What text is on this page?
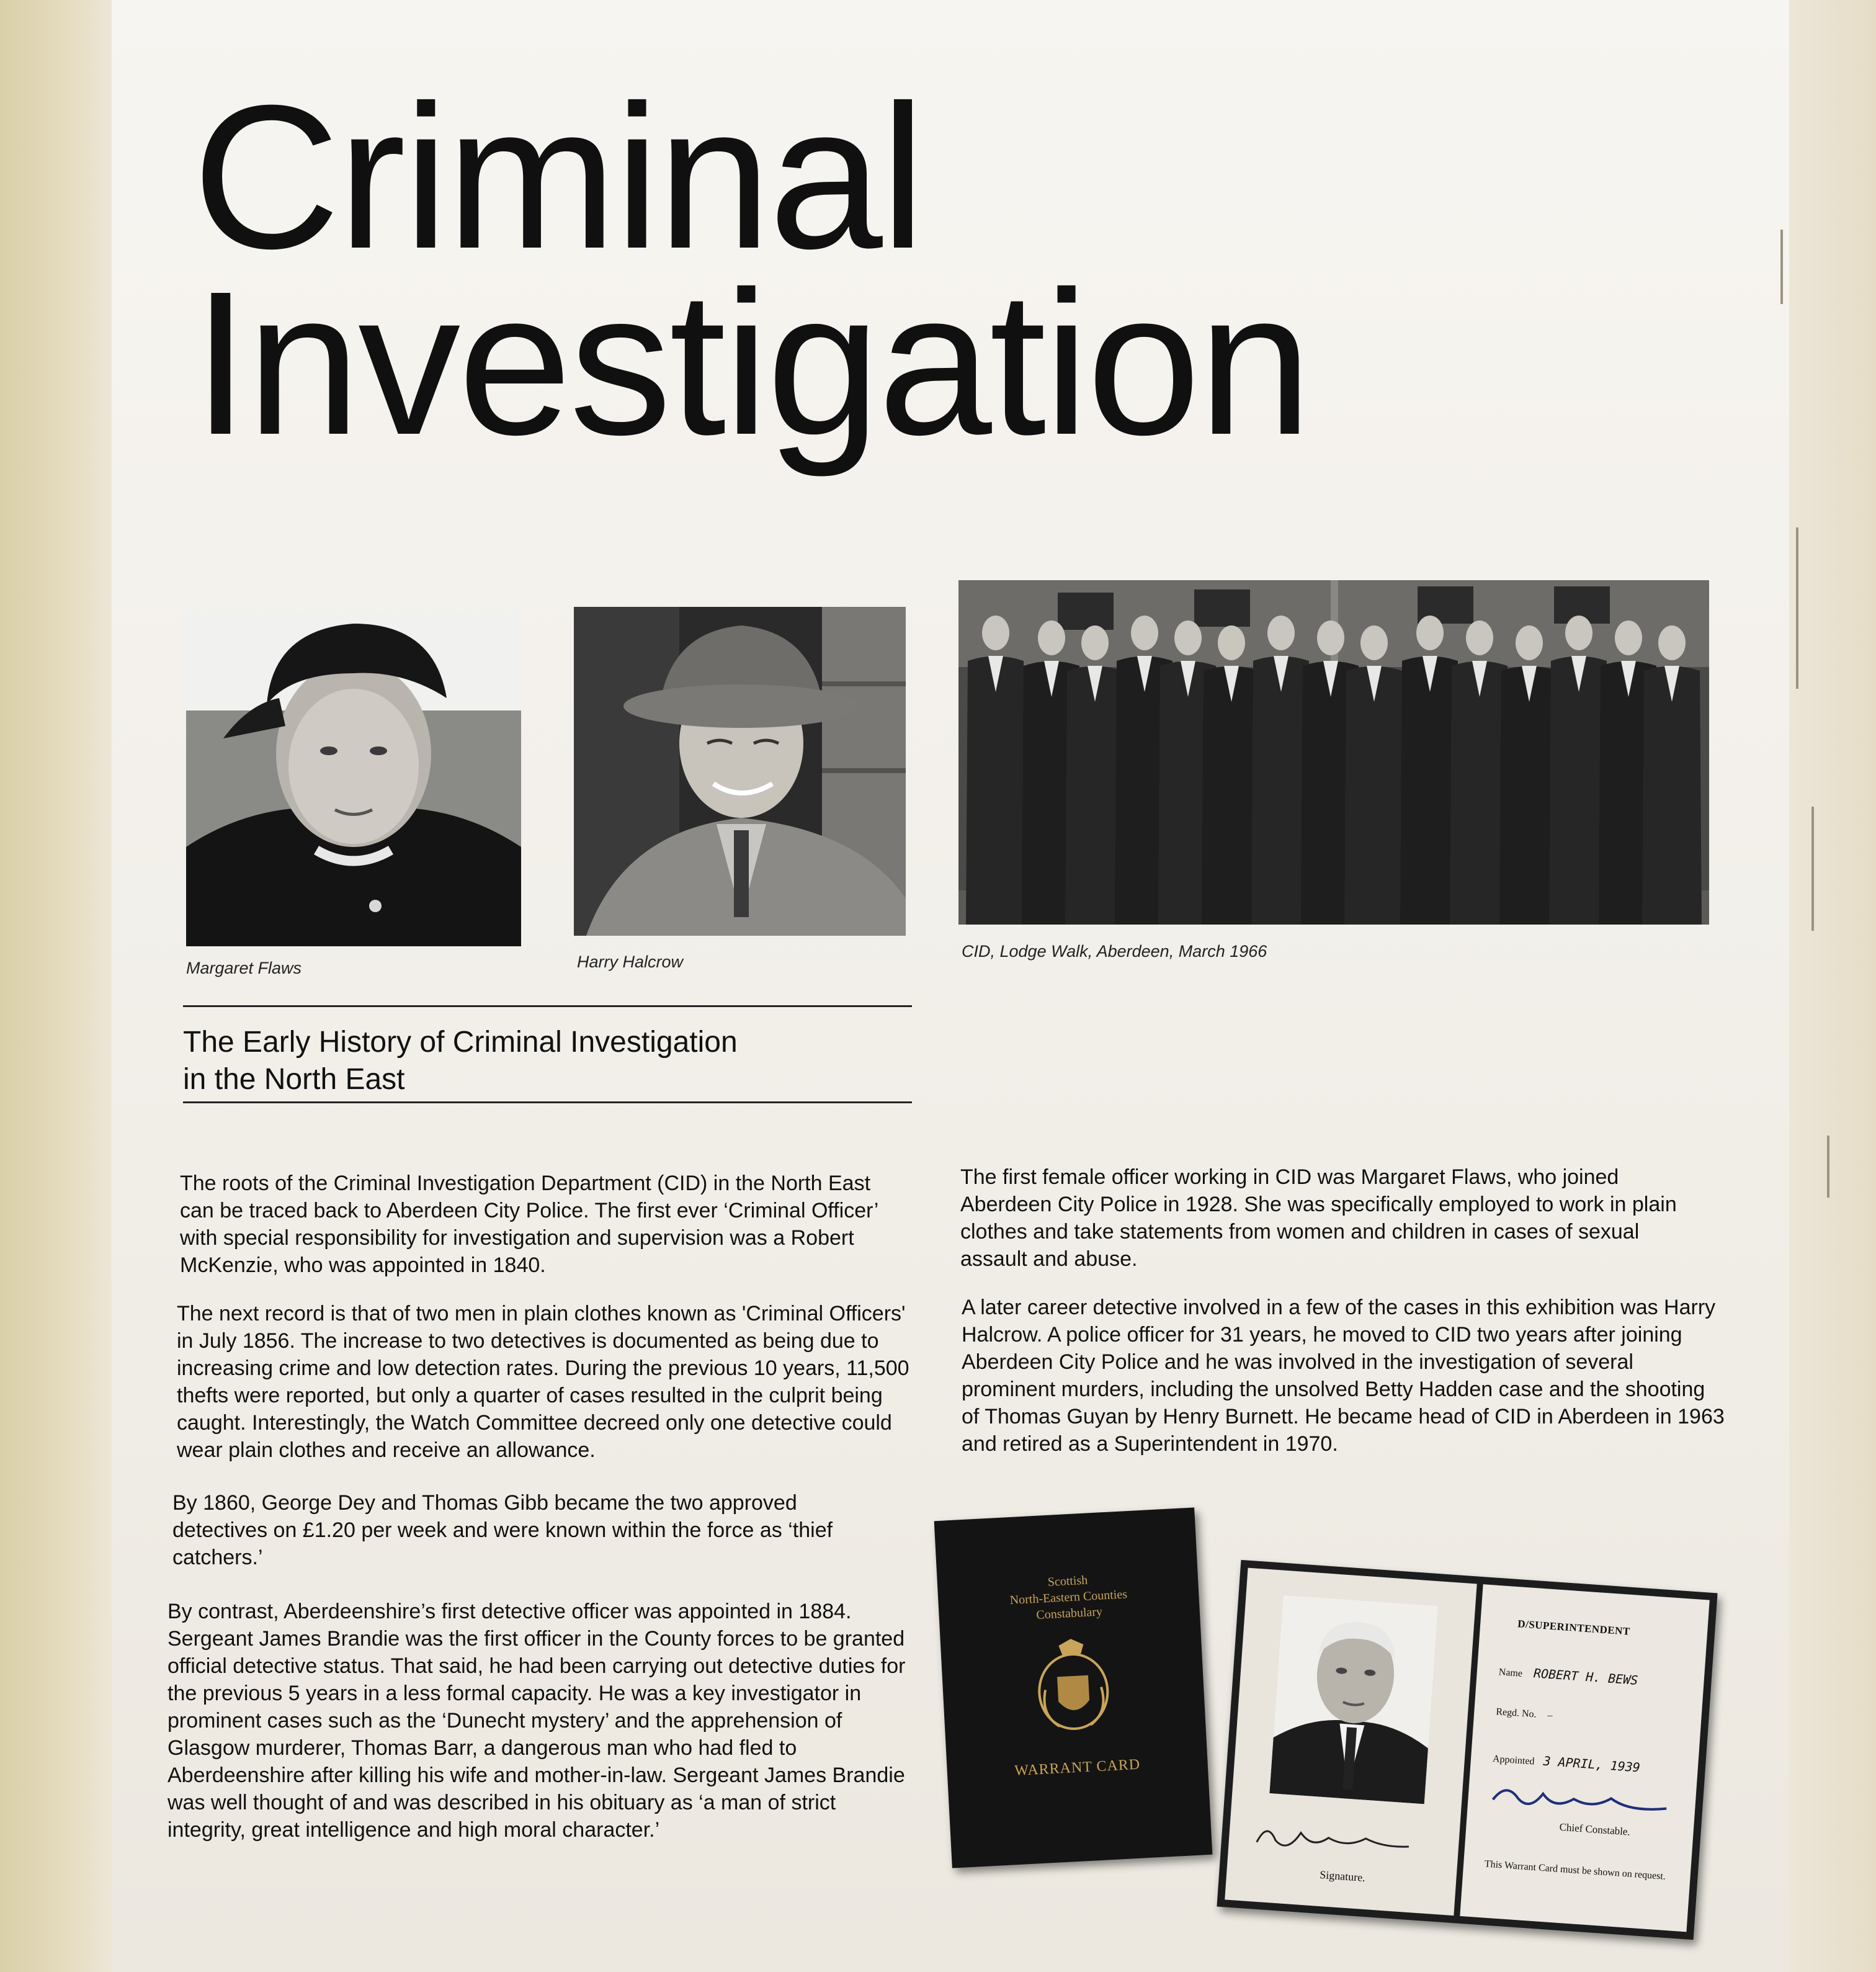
Criminal
Investigation
Margaret Flaws	Harry Halcrow
CID, Lodge Walk, Aberdeen, March 1966
The Early History of Criminal Investigation
in the North East

The roots of the Criminal Investigation Department (CID) in the North East can be traced back to Aberdeen City Police. The first ever ‘Criminal Officer’ with special responsibility for investigation and supervision was a Robert McKenzie, who was appointed in 1840.

The next record is that of two men in plain clothes known as 'Criminal Officers' in July 1856. The increase to two detectives is documented as being due to increasing crime and low detection rates. During the previous 10 years, 11,500 thefts were reported, but only a quarter of cases resulted in the culprit being caught. Interestingly, the Watch Committee decreed only one detective could wear plain clothes and receive an allowance.

By 1860, George Dey and Thomas Gibb became the two approved detectives on £1.20 per week and were known within the force as ‘thief catchers.’

By contrast, Aberdeenshire’s first detective officer was appointed in 1884. Sergeant James Brandie was the first officer in the County forces to be granted official detective status. That said, he had been carrying out detective duties for the previous 5 years in a less formal capacity. He was a key investigator in prominent cases such as the ‘Dunecht mystery’ and the apprehension of Glasgow murderer, Thomas Barr, a dangerous man who had fled to Aberdeenshire after killing his wife and mother-in-law. Sergeant James Brandie was well thought of and was described in his obituary as ‘a man of strict integrity, great intelligence and high moral character.’

The first female officer working in CID was Margaret Flaws, who joined Aberdeen City Police in 1928. She was specifically employed to work in plain clothes and take statements from women and children in cases of sexual assault and abuse.

A later career detective involved in a few of the cases in this exhibition was Harry Halcrow. A police officer for 31 years, he moved to CID two years after joining Aberdeen City Police and he was involved in the investigation of several prominent murders, including the unsolved Betty Hadden case and the shooting of Thomas Guyan by Henry Burnett. He became head of CID in Aberdeen in 1963 and retired as a Superintendent in 1970.

Scottish
North-Eastern Counties
Constabulary
WARRANT CARD
Signature.
D/SUPERINTENDENT
Name ROBERT H. BEWS
Regd. No. –
Appointed 3 APRIL, 1939
Chief Constable.
This Warrant Card must be shown on request.
